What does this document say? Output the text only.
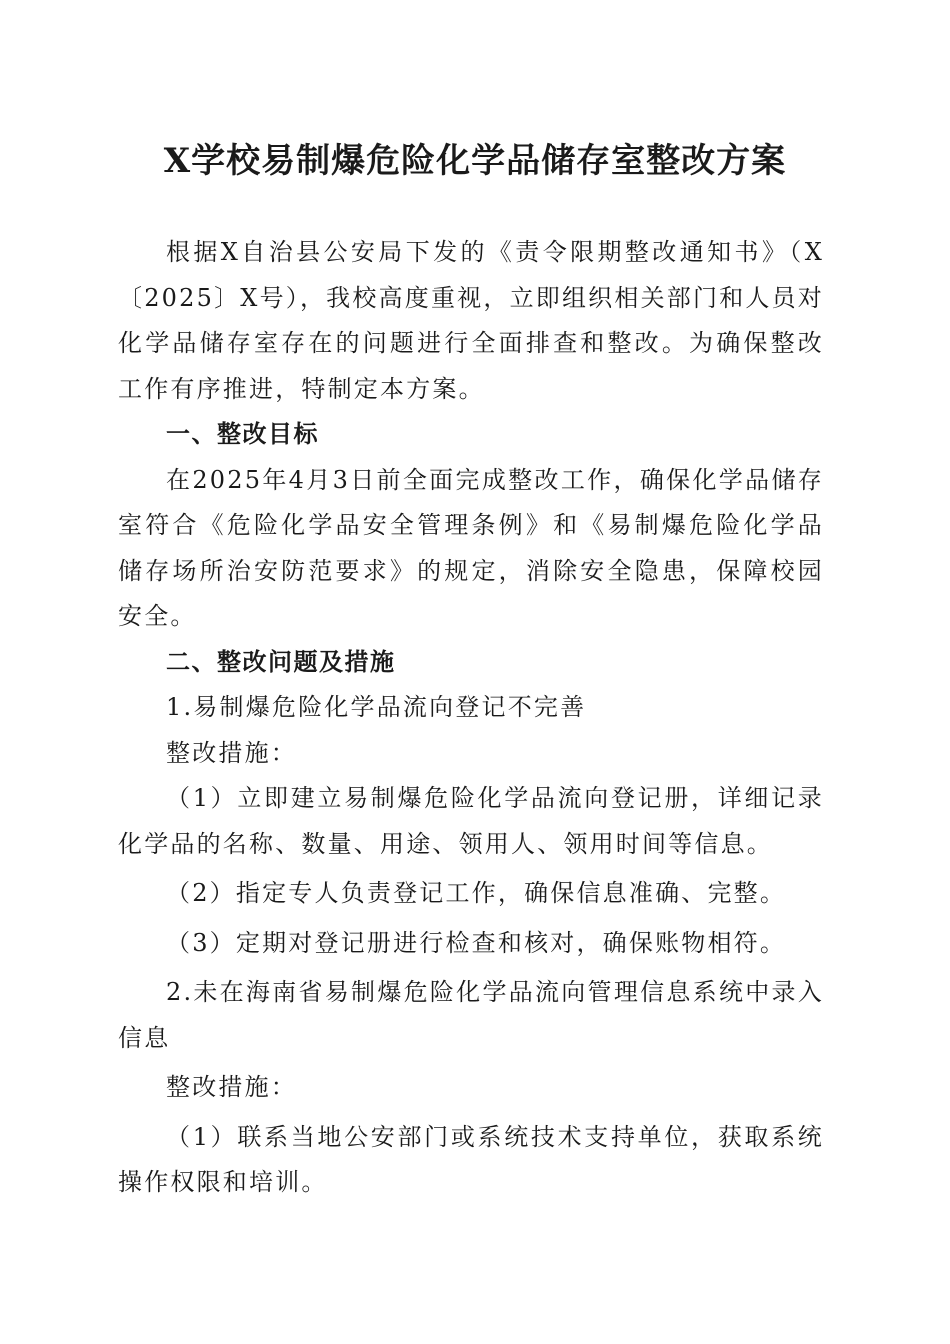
X学校易制爆危险化学品储存室整改方案

根据X自治县公安局下发的《责令限期整改通知书》（X〔2025〕X号），我校高度重视，立即组织相关部门和人员对化学品储存室存在的问题进行全面排查和整改。为确保整改工作有序推进，特制定本方案。

一、整改目标

在2025年4月3日前全面完成整改工作，确保化学品储存室符合《危险化学品安全管理条例》和《易制爆危险化学品储存场所治安防范要求》的规定，消除安全隐患，保障校园安全。

二、整改问题及措施

1.易制爆危险化学品流向登记不完善

整改措施：

（1）立即建立易制爆危险化学品流向登记册，详细记录化学品的名称、数量、用途、领用人、领用时间等信息。

（2）指定专人负责登记工作，确保信息准确、完整。

（3）定期对登记册进行检查和核对，确保账物相符。

2.未在海南省易制爆危险化学品流向管理信息系统中录入信息

整改措施：

（1）联系当地公安部门或系统技术支持单位，获取系统操作权限和培训。
